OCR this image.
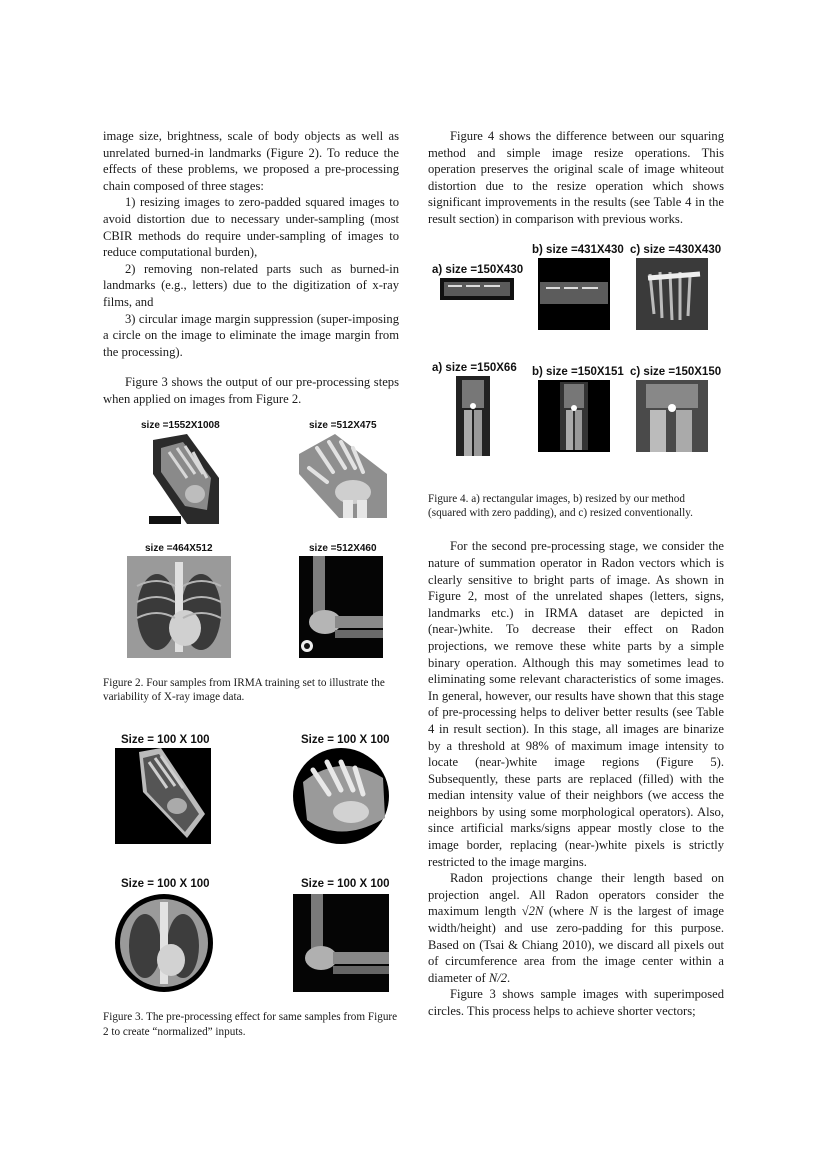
image size, brightness, scale of body objects as well as unrelated burned-in landmarks (Figure 2). To reduce the effects of these problems, we proposed a pre-processing chain composed of three stages:

1) resizing images to zero-padded squared images to avoid distortion due to necessary under-sampling (most CBIR methods do require under-sampling of images to reduce computational burden),

2) removing non-related parts such as burned-in landmarks (e.g., letters) due to the digitization of x-ray films, and

3) circular image margin suppression (super-imposing a circle on the image to eliminate the image margin from the processing).

Figure 3 shows the output of our pre-processing steps when applied on images from Figure 2.

size =1552X1008	size =512X475
size =464X512	size =512X460

Figure 2. Four samples from IRMA training set to illustrate the variability of X-ray image data.

Size = 100 X 100	Size = 100 X 100
Size = 100 X 100	Size = 100 X 100

Figure 3. The pre-processing effect for same samples from Figure 2 to create “normalized” inputs.

Figure 4 shows the difference between our squaring method and simple image resize operations. This operation preserves the original scale of image whiteout distortion due to the resize operation which shows significant improvements in the results (see Table 4 in the result section) in comparison with previous works.

b) size =431X430 c) size =430X430
a) size =150X430
a) size =150X66 b) size =150X151 c) size =150X150

Figure 4. a) rectangular images, b) resized by our method (squared with zero padding), and c) resized conventionally.

For the second pre-processing stage, we consider the nature of summation operator in Radon vectors which is clearly sensitive to bright parts of image. As shown in Figure 2, most of the unrelated shapes (letters, signs, landmarks etc.) in IRMA dataset are depicted in (near-)white. To decrease their effect on Radon projections, we remove these white parts by a simple binary operation. Although this may sometimes lead to eliminating some relevant characteristics of some images. In general, however, our results have shown that this stage of pre-processing helps to deliver better results (see Table 4 in result section). In this stage, all images are binarize by a threshold at 98% of maximum image intensity to locate (near-)white image regions (Figure 5). Subsequently, these parts are replaced (filled) with the median intensity value of their neighbors (we access the neighbors by using some morphological operators). Also, since artificial marks/signs appear mostly close to the image border, replacing (near-)white pixels is strictly restricted to the image margins.

Radon projections change their length based on projection angel. All Radon operators consider the maximum length √2N (where N is the largest of image width/height) and use zero-padding for this purpose. Based on (Tsai & Chiang 2010), we discard all pixels out of circumference area from the image center within a diameter of N/2.

Figure 3 shows sample images with superimposed circles. This process helps to achieve shorter vectors;
